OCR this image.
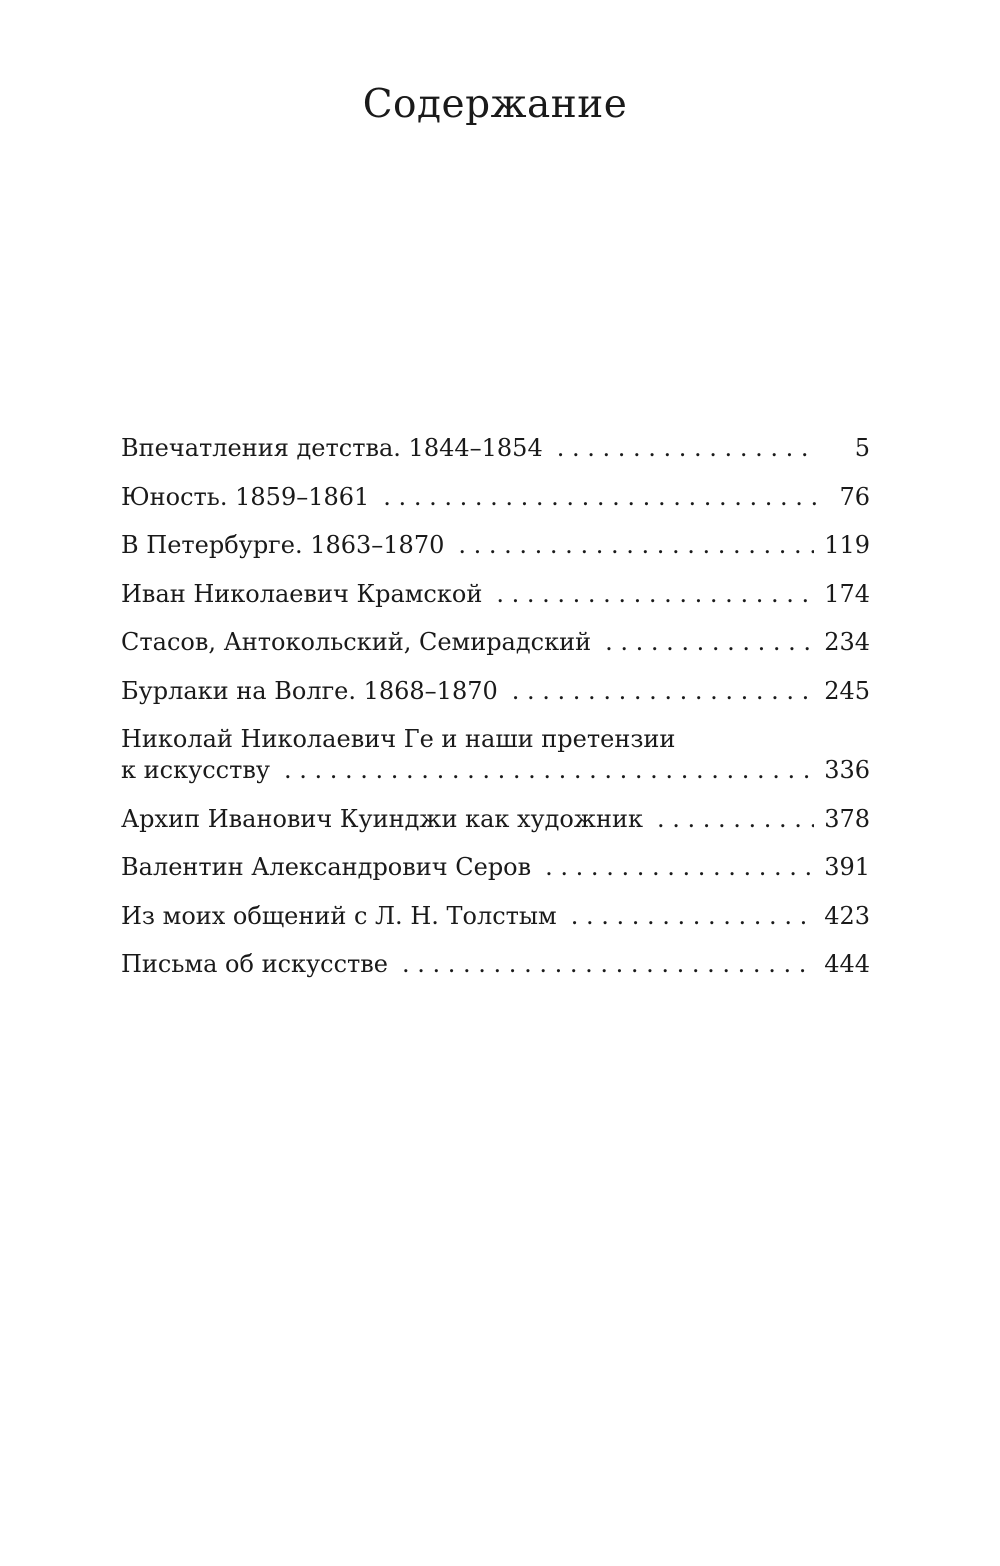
Содержание
Впечатления детства. 1844–1854 . . .	5
Юность. 1859–1861 . . .	76
В Петербурге. 1863–1870 . . .	119
Иван Николаевич Крамской . . .	174
Стасов, Антокольский, Семирадский . . .	234
Бурлаки на Волге. 1868–1870 . . .	245
Николай Николаевич Ге и наши претензии
к искусству . . .	336
Архип Иванович Куинджи как художник . . .	378
Валентин Александрович Серов . . .	391
Из моих общений с Л. Н. Толстым . . .	423
Письма об искусстве . . .	444
